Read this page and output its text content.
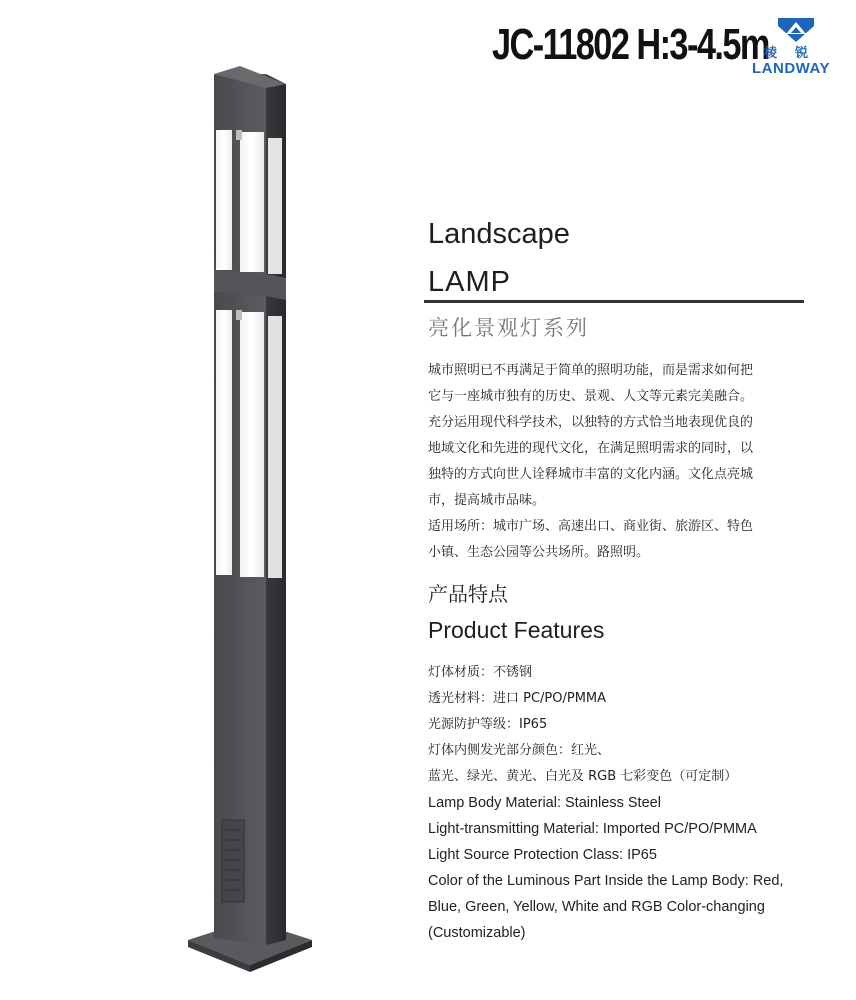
JC-11802 H:3-4.5m
棱锐
LANDWAY
Landscape
LAMP
亮化景观灯系列

城市照明已不再满足于简单的照明功能，而是需求如何把

它与一座城市独有的历史、景观、人文等元素完美融合。

充分运用现代科学技术，以独特的方式恰当地表现优良的

地域文化和先进的现代文化，在满足照明需求的同时，以

独特的方式向世人诠释城市丰富的文化内涵。文化点亮城

市，提高城市品味。

适用场所：城市广场、高速出口、商业街、旅游区、特色

小镇、生态公园等公共场所。路照明。

产品特点
Product Features

灯体材质：不锈钢

透光材料：进口 PC/PO/PMMA

光源防护等级：IP65

灯体内侧发光部分颜色：红光、

蓝光、绿光、黄光、白光及 RGB 七彩变色（可定制）

Lamp Body Material: Stainless Steel

Light-transmitting Material: Imported PC/PO/PMMA

Light Source Protection Class: IP65

Color of the Luminous Part Inside the Lamp Body: Red,

Blue, Green, Yellow, White and RGB Color-changing

(Customizable)
